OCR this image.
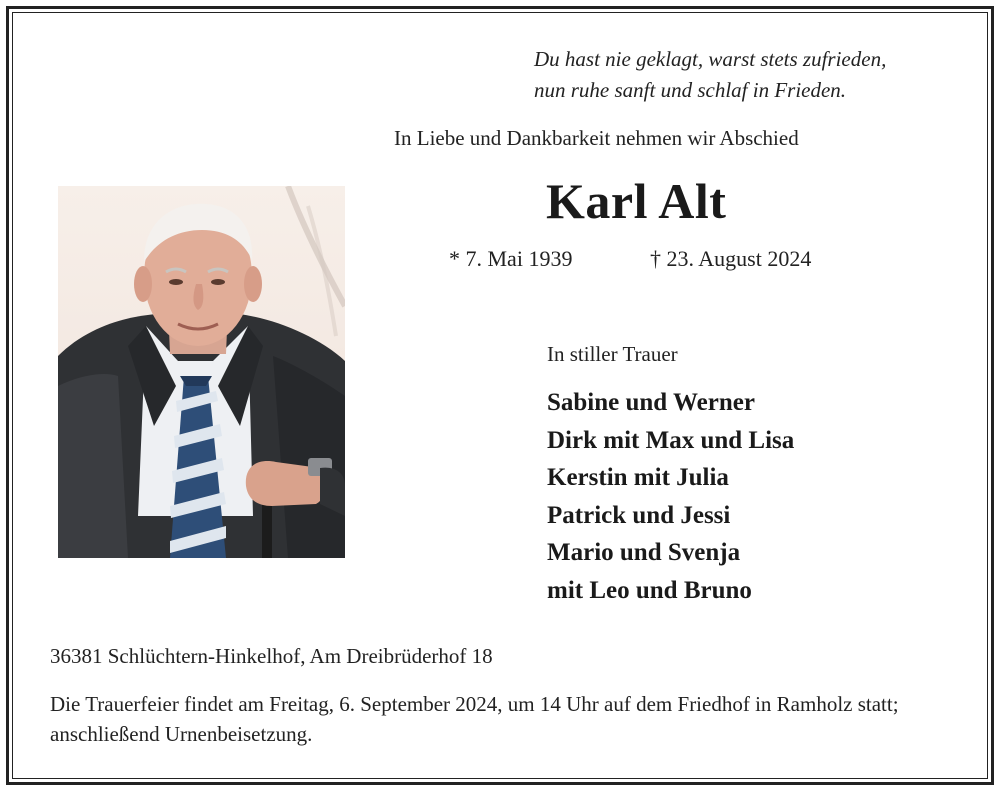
Du hast nie geklagt, warst stets zufrieden,
nun ruhe sanft und schlaf in Frieden.
In Liebe und Dankbarkeit nehmen wir Abschied
Karl Alt
* 7. Mai 1939	† 23. August 2024
In stiller Trauer
Sabine und Werner
Dirk mit Max und Lisa
Kerstin mit Julia
Patrick und Jessi
Mario und Svenja
mit Leo und Bruno
36381 Schlüchtern-Hinkelhof, Am Dreibrüderhof 18
Die Trauerfeier findet am Freitag, 6. September 2024, um 14 Uhr auf dem Friedhof in Ramholz statt; anschließend Urnenbeisetzung.
